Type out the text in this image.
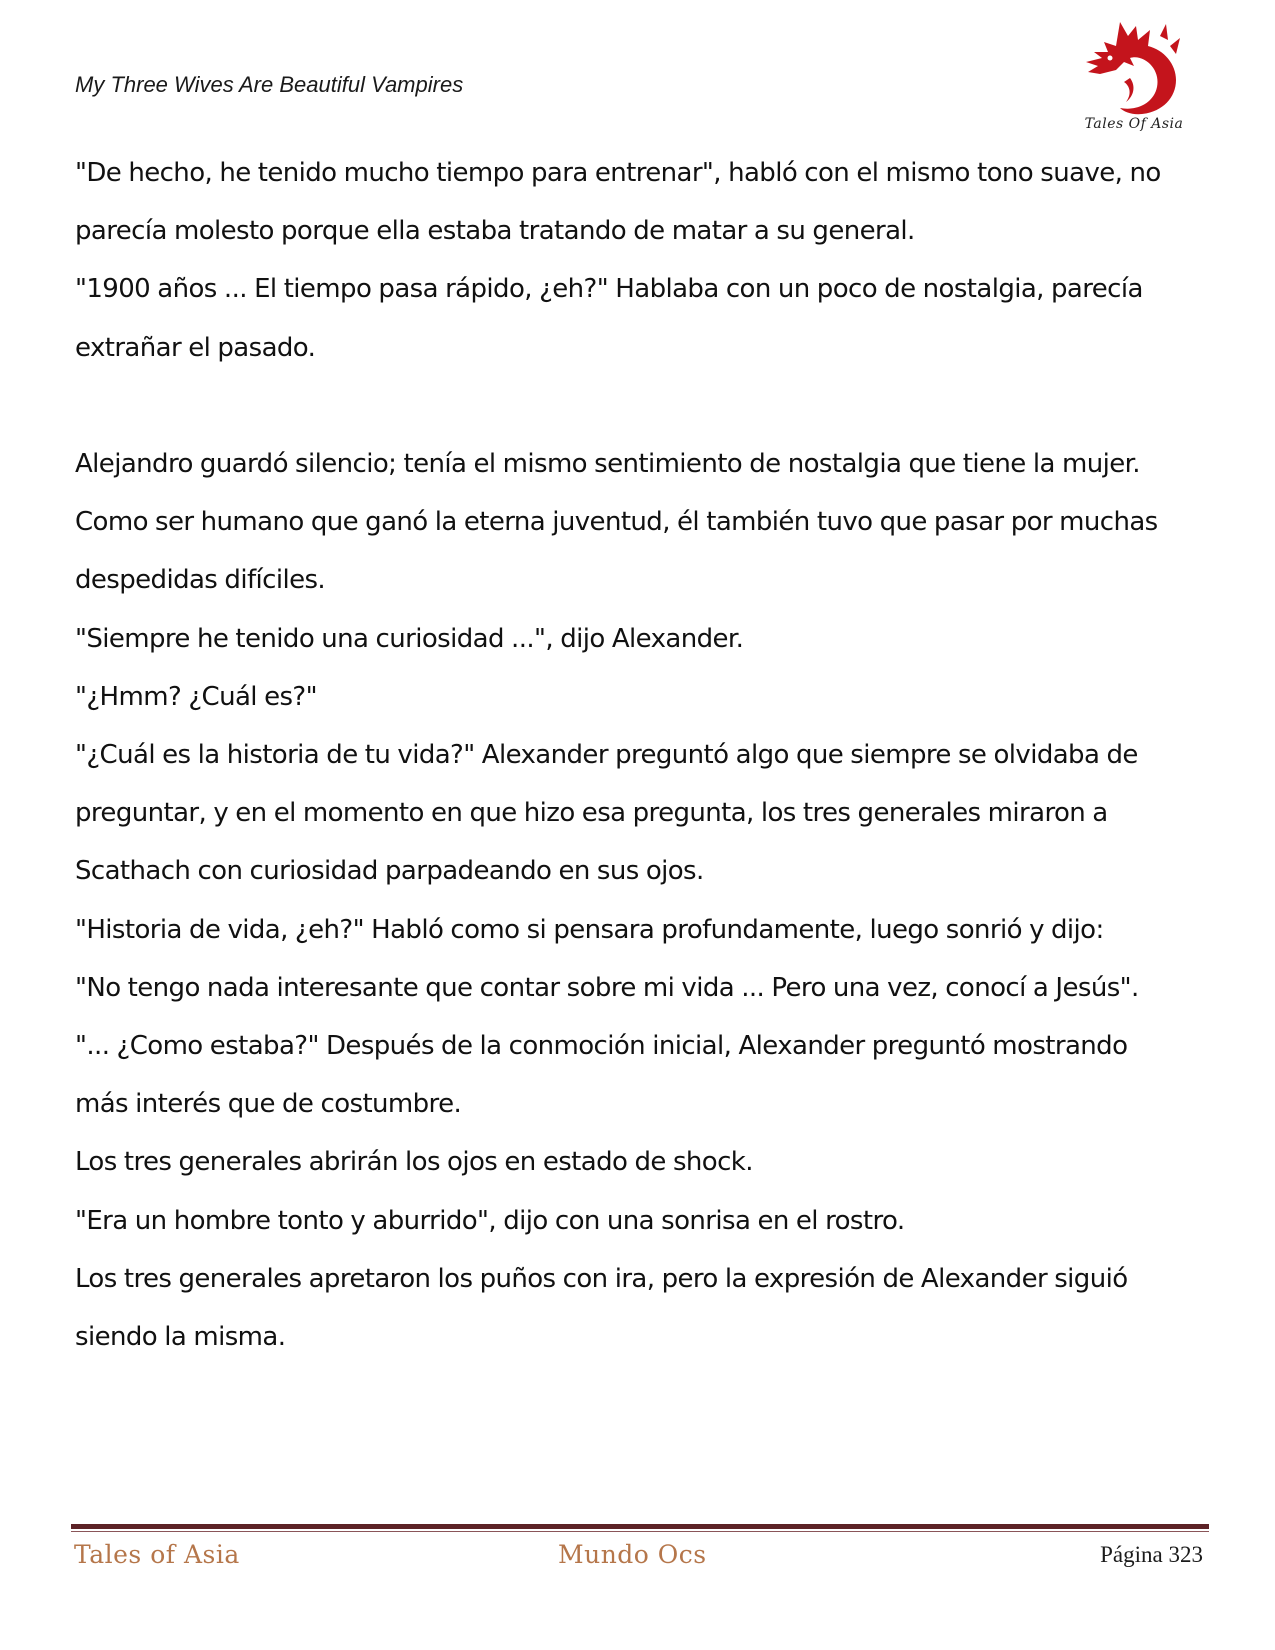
My Three Wives Are Beautiful Vampires
Tales Of Asia

"De hecho, he tenido mucho tiempo para entrenar", habló con el mismo tono suave, no

parecía molesto porque ella estaba tratando de matar a su general.

"1900 años ... El tiempo pasa rápido, ¿eh?" Hablaba con un poco de nostalgia, parecía

extrañar el pasado.

Alejandro guardó silencio; tenía el mismo sentimiento de nostalgia que tiene la mujer.

Como ser humano que ganó la eterna juventud, él también tuvo que pasar por muchas

despedidas difíciles.

"Siempre he tenido una curiosidad ...", dijo Alexander.

"¿Hmm? ¿Cuál es?"

"¿Cuál es la historia de tu vida?" Alexander preguntó algo que siempre se olvidaba de

preguntar, y en el momento en que hizo esa pregunta, los tres generales miraron a

Scathach con curiosidad parpadeando en sus ojos.

"Historia de vida, ¿eh?" Habló como si pensara profundamente, luego sonrió y dijo:

"No tengo nada interesante que contar sobre mi vida ... Pero una vez, conocí a Jesús".

"... ¿Como estaba?" Después de la conmoción inicial, Alexander preguntó mostrando

más interés que de costumbre.

Los tres generales abrirán los ojos en estado de shock.

"Era un hombre tonto y aburrido", dijo con una sonrisa en el rostro.

Los tres generales apretaron los puños con ira, pero la expresión de Alexander siguió

siendo la misma.

Tales of Asia	Mundo Ocs	Página 323
